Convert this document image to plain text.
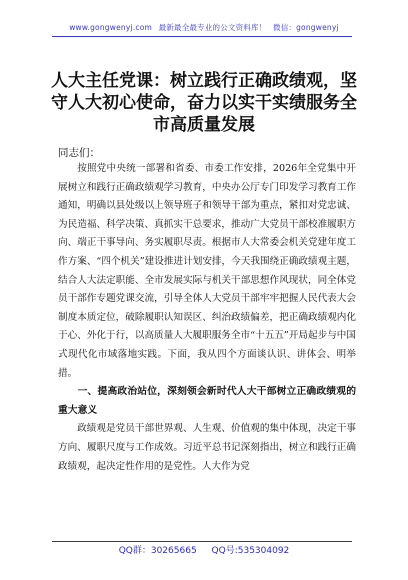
www.gongwenyj.com 最新最全最专业的公文资料库！ 微信：gongwenyj
人大主任党课：树立践行正确政绩观，坚守人大初心使命，奋力以实干实绩服务全市高质量发展
同志们：

按照党中央统一部署和省委、市委工作安排，2026年全党集中开展树立和践行正确政绩观学习教育，中央办公厅专门印发学习教育工作通知，明确以县处级以上领导班子和领导干部为重点，紧扣对党忠诚、为民造福、科学决策、真抓实干总要求，推动广大党员干部校准履职方向、端正干事导向、务实履职尽责。根据市人大常委会机关党建年度工作方案、“四个机关”建设推进计划安排，今天我围绕正确政绩观主题，结合人大法定职能、全市发展实际与机关干部思想作风现状，同全体党员干部作专题党课交流，引导全体人大党员干部牢牢把握人民代表大会制度本质定位，破除履职认知误区、纠治政绩偏差，把正确政绩观内化于心、外化于行，以高质量人大履职服务全市“十五五”开局起步与中国式现代化市域落地实践。下面，我从四个方面谈认识、讲体会、明举措。

一、提高政治站位，深刻领会新时代人大干部树立正确政绩观的重大意义

政绩观是党员干部世界观、人生观、价值观的集中体现，决定干事方向、履职尺度与工作成效。习近平总书记深刻指出，树立和践行正确政绩观，起决定性作用的是党性。人大作为党

QQ群：30265665 QQ号:535304092
